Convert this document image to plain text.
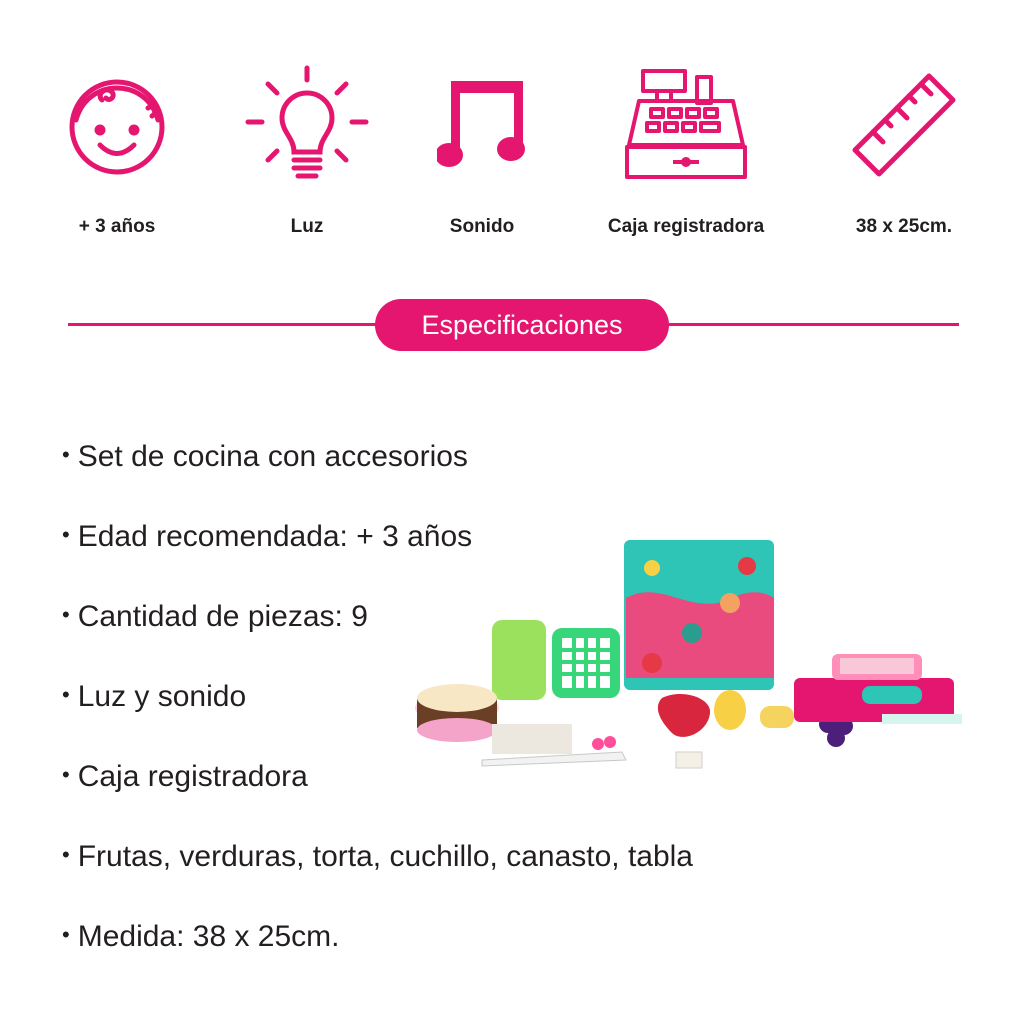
+ 3 años	Luz	Sonido	Caja registradora	38 x 25cm.
Especificaciones
• Set de cocina con accesorios
• Edad recomendada: + 3 años
• Cantidad de piezas: 9
• Luz y sonido
• Caja registradora
• Frutas, verduras, torta, cuchillo, canasto, tabla
• Medida: 38 x 25cm.
